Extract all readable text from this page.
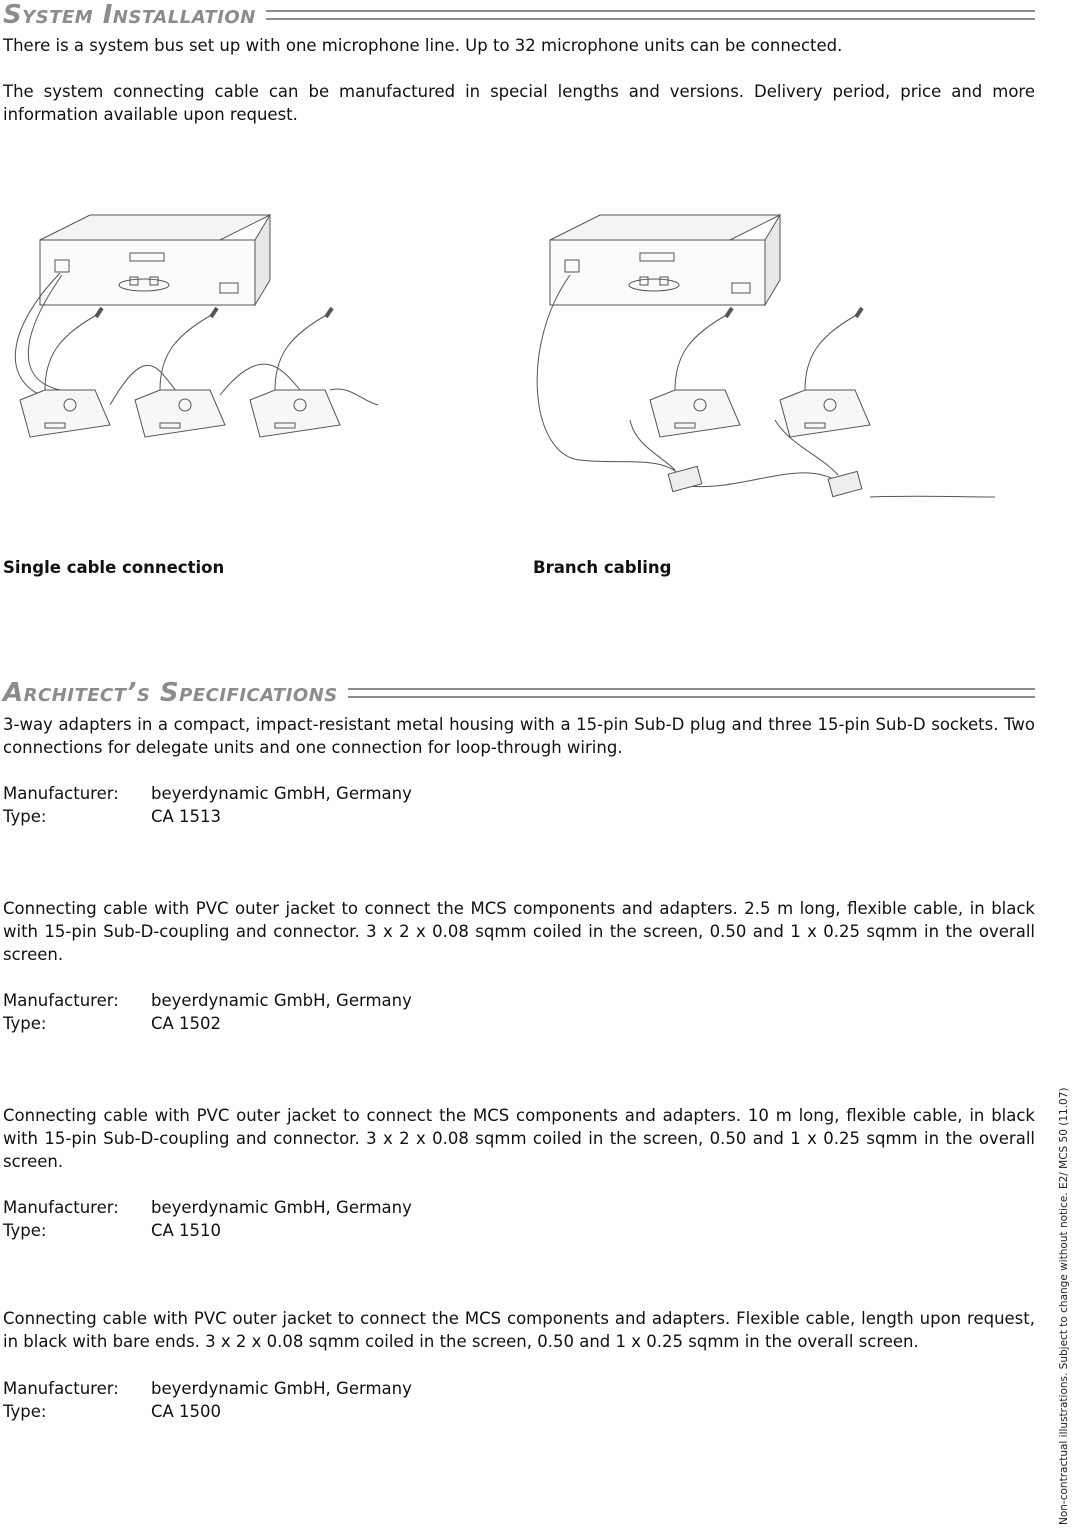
System Installation

There is a system bus set up with one microphone line. Up to 32 microphone units can be connected.

The system connecting cable can be manufactured in special lengths and versions. Delivery period, price and more information available upon request.

Single cable connection	Branch cabling
Architect’s Specifications

3-way adapters in a compact, impact-resistant metal housing with a 15-pin Sub-D plug and three 15-pin Sub-D sockets. Two connections for delegate units and one connection for loop-through wiring.

Manufacturer:	beyerdynamic GmbH, Germany
Type:	CA 1513

Connecting cable with PVC outer jacket to connect the MCS components and adapters. 2.5 m long, flexible cable, in black with 15-pin Sub-D-coupling and connector. 3 x 2 x 0.08 sqmm coiled in the screen, 0.50 and 1 x 0.25 sqmm in the overall screen.

Manufacturer:	beyerdynamic GmbH, Germany
Type:	CA 1502

Connecting cable with PVC outer jacket to connect the MCS components and adapters. 10 m long, flexible cable, in black with 15-pin Sub-D-coupling and connector. 3 x 2 x 0.08 sqmm coiled in the screen, 0.50 and 1 x 0.25 sqmm in the overall screen.

Manufacturer:	beyerdynamic GmbH, Germany
Type:	CA 1510

Connecting cable with PVC outer jacket to connect the MCS components and adapters. Flexible cable, length upon request, in black with bare ends. 3 x 2 x 0.08 sqmm coiled in the screen, 0.50 and 1 x 0.25 sqmm in the overall screen.

Manufacturer:	beyerdynamic GmbH, Germany
Type:	CA 1500	Non-contractual illustrations. Subject to change without notice. E2/ MCS 50 (11.07)
